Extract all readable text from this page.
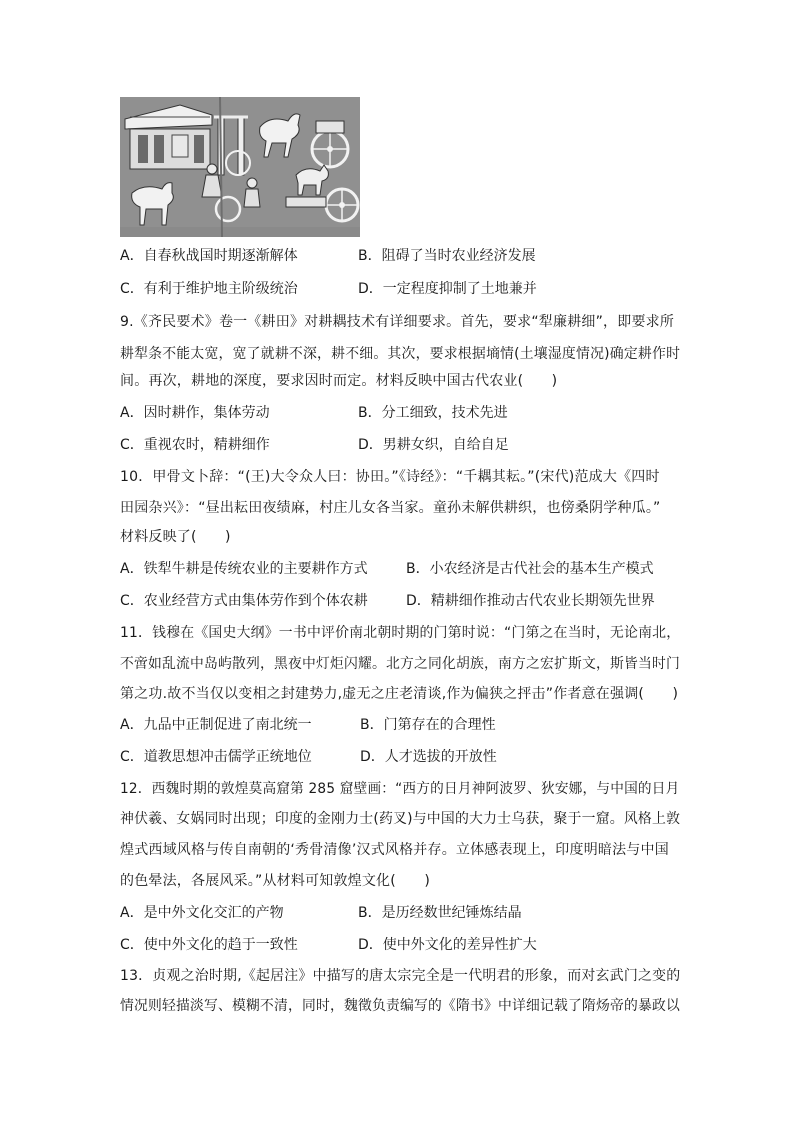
A．自春秋战国时期逐渐解体	B．阻碍了当时农业经济发展
C．有利于维护地主阶级统治	D．一定程度抑制了土地兼并
9.《齐民要术》卷一《耕田》对耕耦技术有详细要求。首先，要求“犁廉耕细”，即要求所
耕犁条不能太宽，宽了就耕不深，耕不细。其次，要求根据墒情(土壤湿度情况)确定耕作时
间。再次，耕地的深度，要求因时而定。材料反映中国古代农业(　　)
A．因时耕作，集体劳动	B．分工细致，技术先进
C．重视农时，精耕细作	D．男耕女织，自给自足
10．甲骨文卜辞：“(王)大令众人曰：协田。”《诗经》：“千耦其耘。”(宋代)范成大《四时
田园杂兴》：“昼出耘田夜绩麻，村庄儿女各当家。童孙未解供耕织，也傍桑阴学种瓜。”
材料反映了(　　)
A．铁犁牛耕是传统农业的主要耕作方式	B．小农经济是古代社会的基本生产模式
C．农业经营方式由集体劳作到个体农耕	D．精耕细作推动古代农业长期领先世界
11．钱穆在《国史大纲》一书中评价南北朝时期的门第时说：“门第之在当时，无论南北，
不啻如乱流中岛屿散列，黑夜中灯炬闪耀。北方之同化胡族，南方之宏扩斯文，斯皆当时门
第之功.故不当仅以变相之封建势力,虚无之庄老清谈,作为偏狭之抨击”作者意在强调(　　)
A．九品中正制促进了南北统一	B．门第存在的合理性
C．道教思想冲击儒学正统地位	D．人才选拔的开放性
12．西魏时期的敦煌莫高窟第 285 窟壁画：“西方的日月神阿波罗、狄安娜，与中国的日月
神伏羲、女娲同时出现；印度的金刚力士(药叉)与中国的大力士乌获，聚于一窟。风格上敦
煌式西域风格与传自南朝的‘秀骨清像’汉式风格并存。立体感表现上，印度明暗法与中国
的色晕法，各展风采。”从材料可知敦煌文化(　　)
A．是中外文化交汇的产物	B．是历经数世纪锤炼结晶
C．使中外文化的趋于一致性	D．使中外文化的差异性扩大
13．贞观之治时期,《起居注》中描写的唐太宗完全是一代明君的形象，而对玄武门之变的
情况则轻描淡写、模糊不清，同时，魏徵负责编写的《隋书》中详细记载了隋炀帝的暴政以
